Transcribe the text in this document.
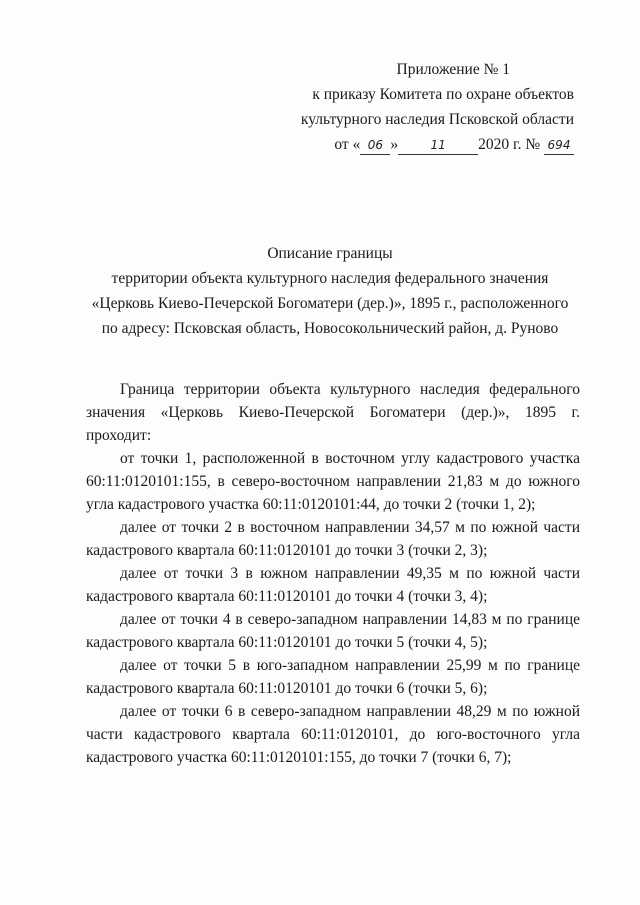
Приложение № 1
к приказу Комитета по охране объектов
культурного наследия Псковской области
от « 06 »	11 2020 г. № 694
Описание границы
территории объекта культурного наследия федерального значения
«Церковь Киево-Печерской Богоматери (дер.)», 1895 г., расположенного
по адресу: Псковская область, Новосокольнический район, д. Руново
Граница территории объекта культурного наследия федерального
значения «Церковь Киево-Печерской Богоматери (дер.)», 1895 г.
проходит:
от точки 1, расположенной в восточном углу кадастрового участка
60:11:0120101:155, в северо-восточном направлении 21,83 м до южного
угла кадастрового участка 60:11:0120101:44, до точки 2 (точки 1, 2);
далее от точки 2 в восточном направлении 34,57 м по южной части
кадастрового квартала 60:11:0120101 до точки 3 (точки 2, 3);
далее от точки 3 в южном направлении 49,35 м по южной части
кадастрового квартала 60:11:0120101 до точки 4 (точки 3, 4);
далее от точки 4 в северо-западном направлении 14,83 м по границе
кадастрового квартала 60:11:0120101 до точки 5 (точки 4, 5);
далее от точки 5 в юго-западном направлении 25,99 м по границе
кадастрового квартала 60:11:0120101 до точки 6 (точки 5, 6);
далее от точки 6 в северо-западном направлении 48,29 м по южной
части кадастрового квартала 60:11:0120101, до юго-восточного угла
кадастрового участка 60:11:0120101:155, до точки 7 (точки 6, 7);
